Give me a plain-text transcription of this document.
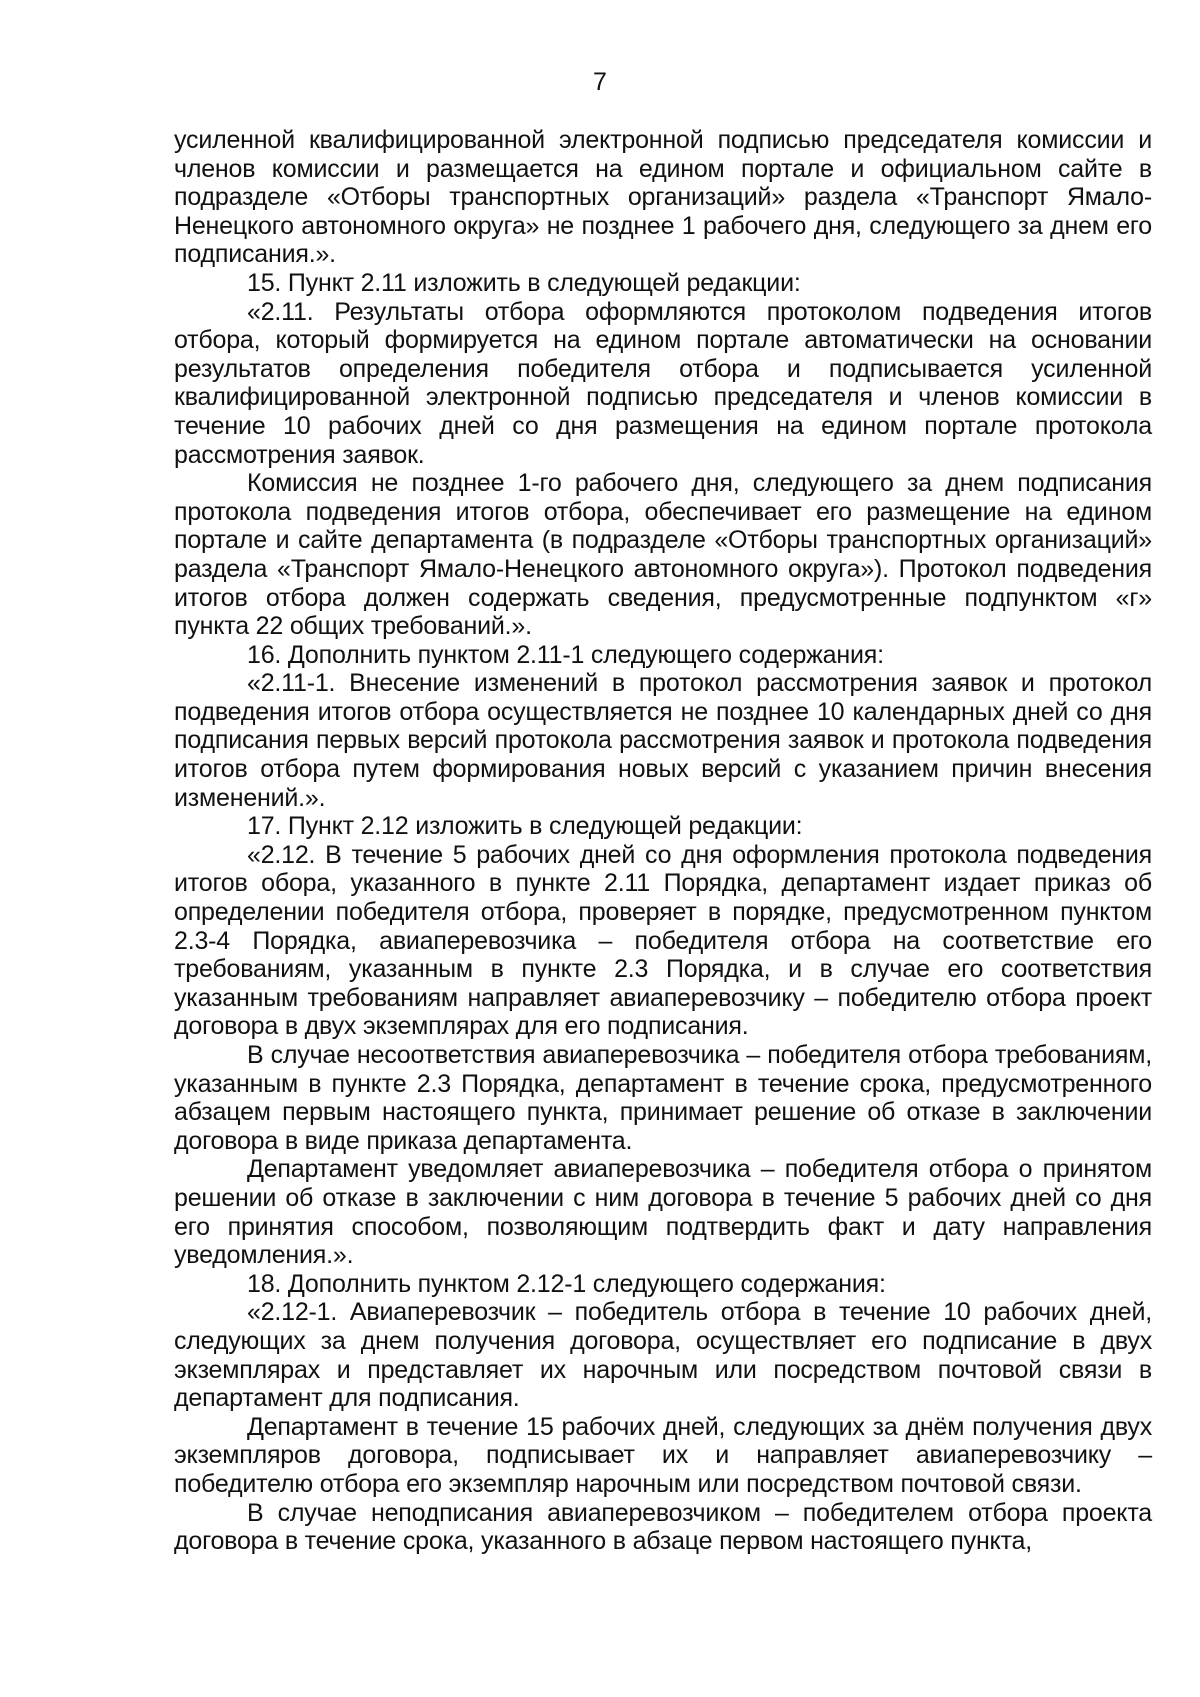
7

усиленной квалифицированной электронной подписью председателя комиссии и членов комиссии и размещается на едином портале и официальном сайте в подразделе «Отборы транспортных организаций» раздела «Транспорт Ямало-Ненецкого автономного округа» не позднее 1 рабочего дня, следующего за днем его подписания.».

15. Пункт 2.11 изложить в следующей редакции:

«2.11. Результаты отбора оформляются протоколом подведения итогов отбора, который формируется на едином портале автоматически на основании результатов определения победителя отбора и подписывается усиленной квалифицированной электронной подписью председателя и членов комиссии в течение 10 рабочих дней со дня размещения на едином портале протокола рассмотрения заявок.

Комиссия не позднее 1-го рабочего дня, следующего за днем подписания протокола подведения итогов отбора, обеспечивает его размещение на едином портале и сайте департамента (в подразделе «Отборы транспортных организаций» раздела «Транспорт Ямало-Ненецкого автономного округа»). Протокол подведения итогов отбора должен содержать сведения, предусмотренные подпунктом «г» пункта 22 общих требований.».

16. Дополнить пунктом 2.11-1 следующего содержания:

«2.11-1. Внесение изменений в протокол рассмотрения заявок и протокол подведения итогов отбора осуществляется не позднее 10 календарных дней со дня подписания первых версий протокола рассмотрения заявок и протокола подведения итогов отбора путем формирования новых версий с указанием причин внесения изменений.».

17. Пункт 2.12 изложить в следующей редакции:

«2.12. В течение 5 рабочих дней со дня оформления протокола подведения итогов обора, указанного в пункте 2.11 Порядка, департамент издает приказ об определении победителя отбора, проверяет в порядке, предусмотренном пунктом 2.3-4 Порядка, авиаперевозчика – победителя отбора на соответствие его требованиям, указанным в пункте 2.3 Порядка, и в случае его соответствия указанным требованиям направляет авиаперевозчику – победителю отбора проект договора в двух экземплярах для его подписания.

В случае несоответствия авиаперевозчика – победителя отбора требованиям, указанным в пункте 2.3 Порядка, департамент в течение срока, предусмотренного абзацем первым настоящего пункта, принимает решение об отказе в заключении договора в виде приказа департамента.

Департамент уведомляет авиаперевозчика – победителя отбора о принятом решении об отказе в заключении с ним договора в течение 5 рабочих дней со дня его принятия способом, позволяющим подтвердить факт и дату направления уведомления.».

18. Дополнить пунктом 2.12-1 следующего содержания:

«2.12-1. Авиаперевозчик – победитель отбора в течение 10 рабочих дней, следующих за днем получения договора, осуществляет его подписание в двух экземплярах и представляет их нарочным или посредством почтовой связи в департамент для подписания.

Департамент в течение 15 рабочих дней, следующих за днём получения двух экземпляров договора, подписывает их и направляет авиаперевозчику – победителю отбора его экземпляр нарочным или посредством почтовой связи.

В случае неподписания авиаперевозчиком – победителем отбора проекта договора в течение срока, указанного в абзаце первом настоящего пункта,
